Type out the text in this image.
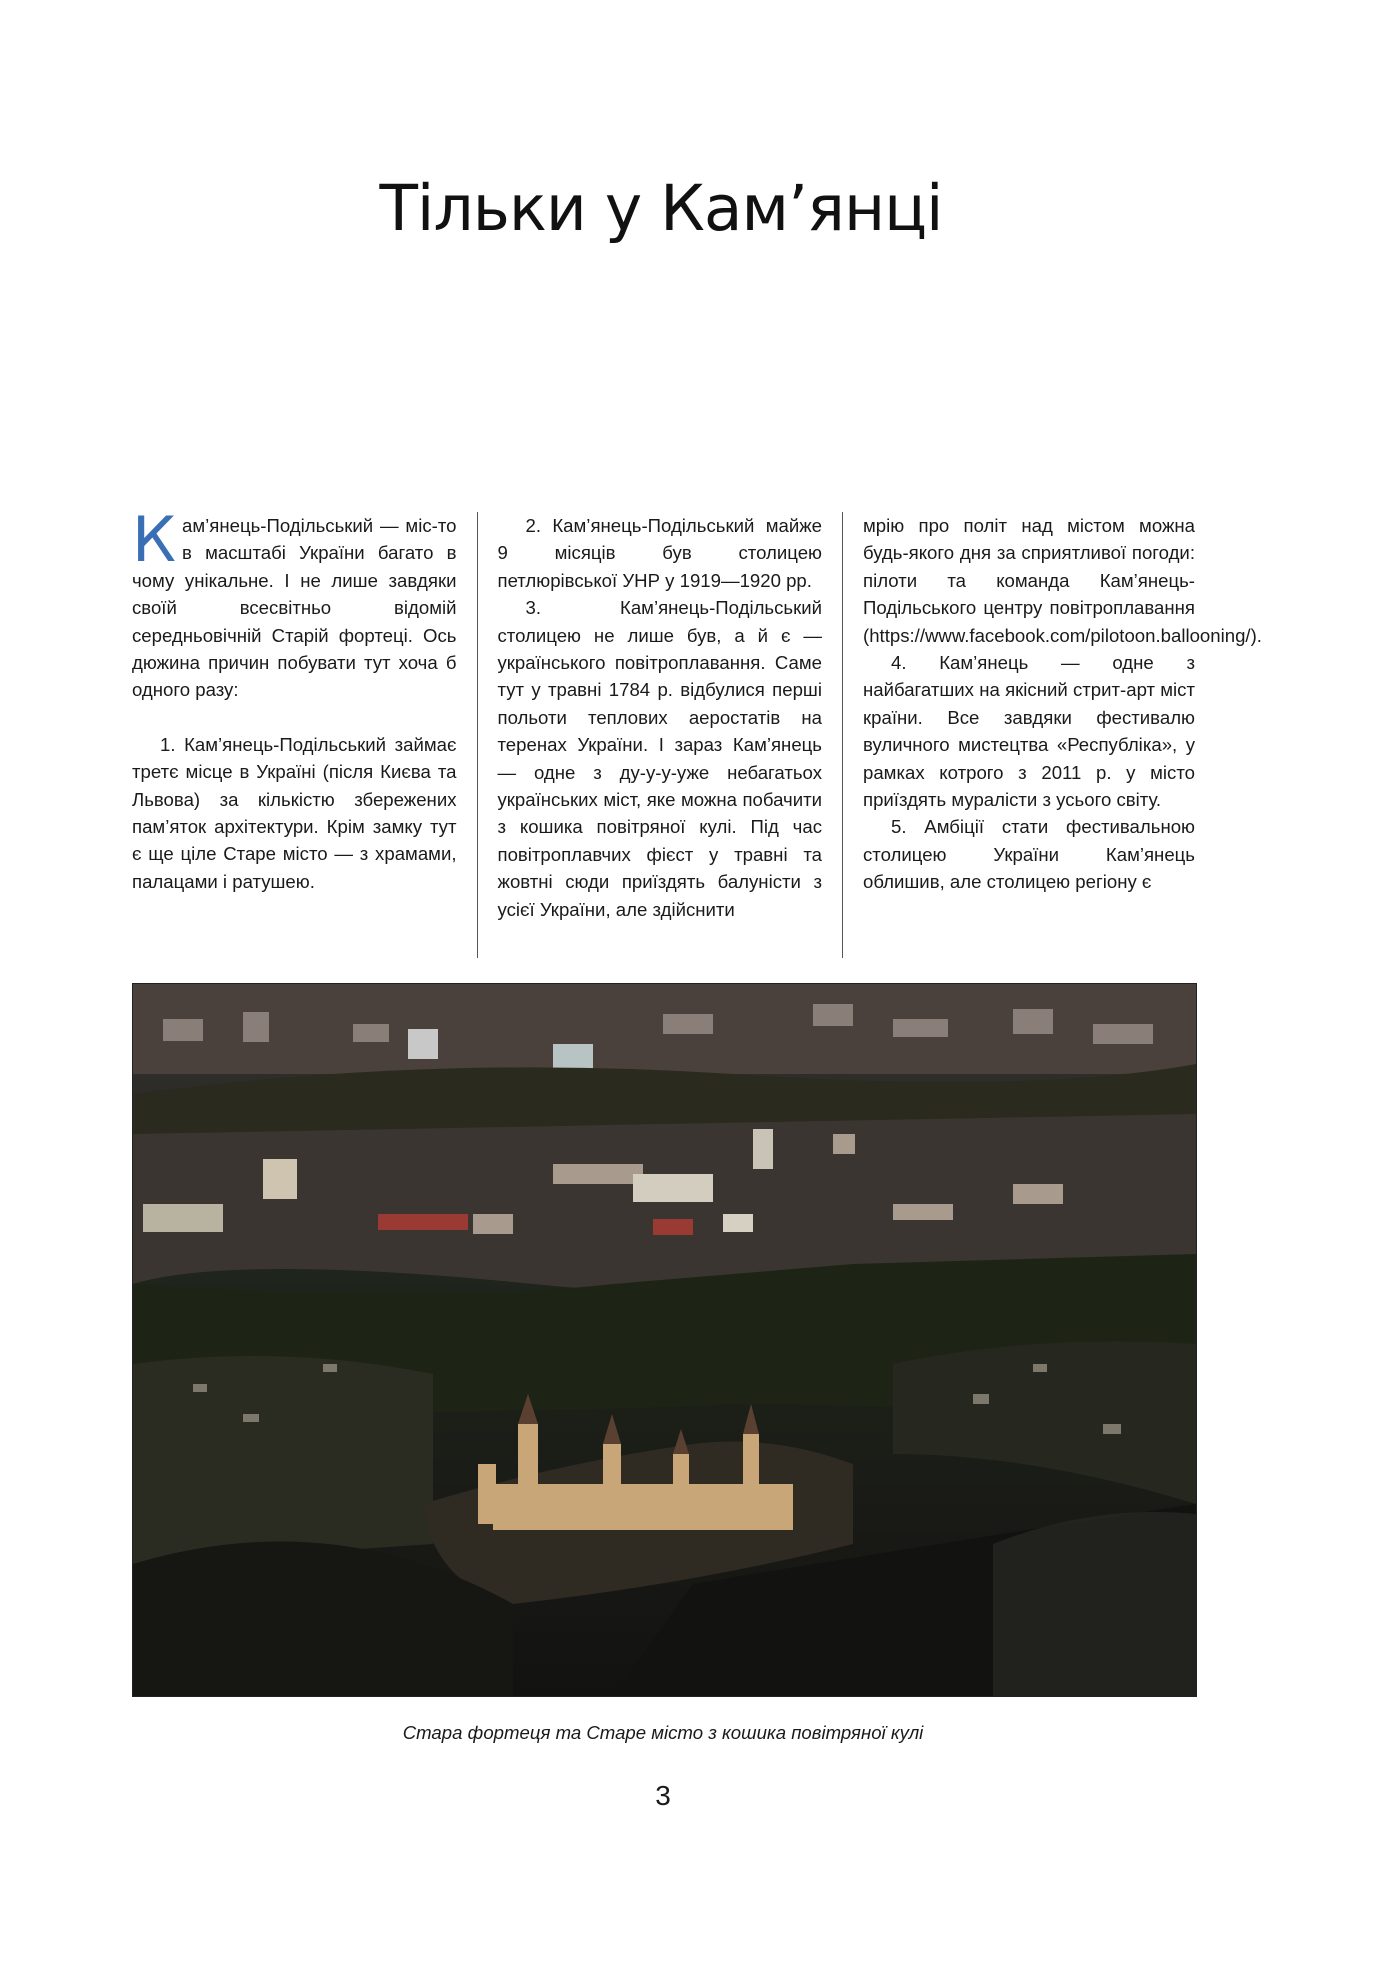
Тільки у Кам’янці

Кам’янець-Подільський — міс-то в масштабі України багато в чому унікальне. І не лише завдяки своїй всесвітньо відомій середньовічній Старій фортеці. Ось дюжина причин побувати тут хоча б одного разу:

1. Кам’янець-Подільський займає третє місце в Україні (після Києва та Львова) за кількістю збережених пам’яток архітектури. Крім замку тут є ще ціле Старе місто — з храмами, палацами і ратушею.

2. Кам’янець-Подільський майже 9 місяців був столицею петлюрівської УНР у 1919—1920 рр.

3. Кам’янець-Подільський столицею не лише був, а й є — українського повітроплавання. Саме тут у травні 1784 р. відбулися перші польоти теплових аеростатів на теренах України. І зараз Кам’янець — одне з ду-у-у-уже небагатьох українських міст, яке можна побачити з кошика повітряної кулі. Під час повітроплавчих фієст у травні та жовтні сюди приїздять балуністи з усієї України, але здійснити

мрію про політ над містом можна будь-якого дня за сприятливої погоди: пілоти та команда Кам’янець-Подільського центру повітроплавання (https://www.facebook.com/pilotoon.ballooning/).

4. Кам’янець — одне з найбагатших на якісний стрит-арт міст країни. Все завдяки фестивалю вуличного мистецтва «Республіка», у рамках котрого з 2011 р. у місто приїздять муралісти з усього світу.

5. Амбіції стати фестивальною столицею України Кам’янець облишив, але столицею регіону є

Стара фортеця та Старе місто з кошика повітряної кулі
3
